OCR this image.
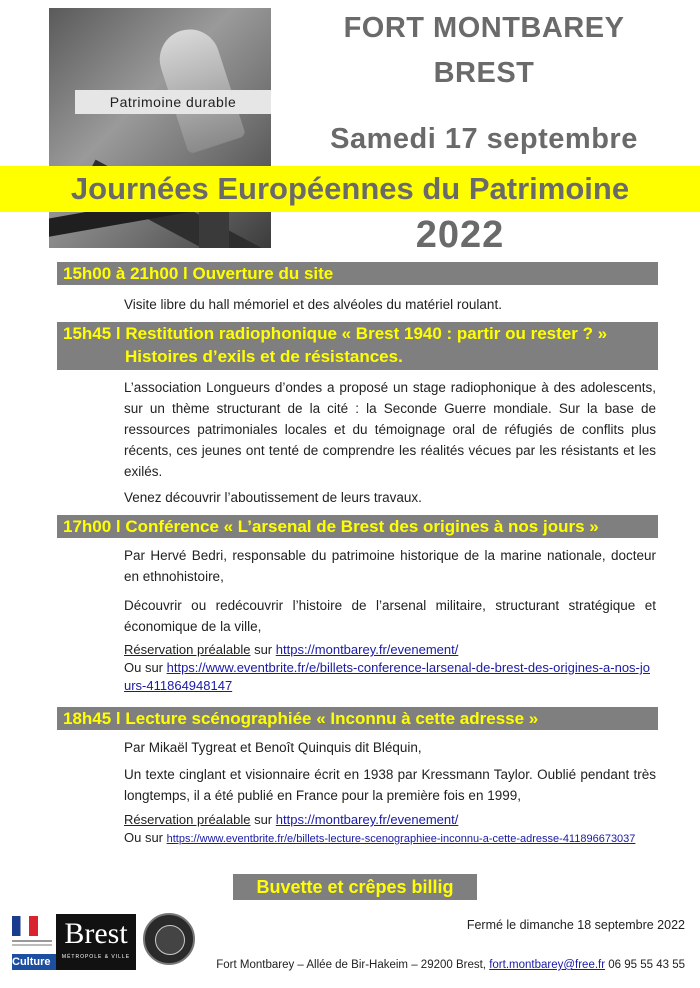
Patrimoine durable
FORT MONTBAREY
BREST
Samedi 17 septembre
Journées Européennes du Patrimoine
2022
15h00 à 21h00 l Ouverture du site
Visite libre du hall mémoriel et des alvéoles du matériel roulant.
15h45 l Restitution radiophonique « Brest 1940 : partir ou rester ? »
Histoires d’exils et de résistances.
L’association Longueurs d’ondes a proposé un stage radiophonique à des adolescents, sur un thème structurant de la cité : la Seconde Guerre mondiale. Sur la base de ressources patrimoniales locales et du témoignage oral de réfugiés de conflits plus récents, ces jeunes ont tenté de comprendre les réalités vécues par les résistants et les exilés.
Venez découvrir l’aboutissement de leurs travaux.
17h00 l Conférence « L’arsenal de Brest des origines à nos jours »
Par Hervé Bedri, responsable du patrimoine historique de la marine nationale, docteur en ethnohistoire,
Découvrir ou redécouvrir l’histoire de l’arsenal militaire, structurant stratégique et économique de la ville,
Réservation préalable sur https://montbarey.fr/evenement/
Ou sur https://www.eventbrite.fr/e/billets-conference-larsenal-de-brest-des-origines-a-nos-jours-411864948147
18h45 l Lecture scénographiée « Inconnu à cette adresse »
Par Mikaël Tygreat et Benoît Quinquis dit Bléquin,
Un texte cinglant et visionnaire écrit en 1938 par Kressmann Taylor. Oublié pendant très longtemps, il a été publié en France pour la première fois en 1999,
Réservation préalable sur https://montbarey.fr/evenement/
Ou sur https://www.eventbrite.fr/e/billets-lecture-scenographiee-inconnu-a-cette-adresse-411896673037
Buvette et crêpes billig
Culture
Brest
MÉTROPOLE & VILLE
Fermé le dimanche 18 septembre 2022
Fort Montbarey – Allée de Bir-Hakeim – 29200 Brest, fort.montbarey@free.fr 06 95 55 43 55
